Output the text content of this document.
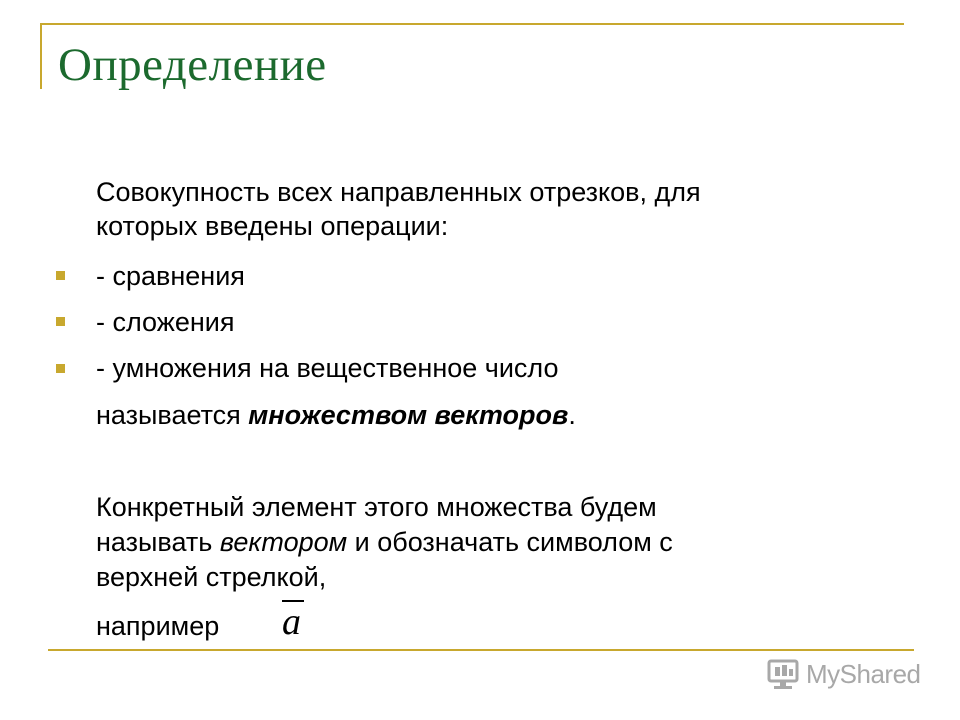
Определение
Совокупность всех направленных отрезков, для
которых введены операции:
- сравнения
- сложения
- умножения на вещественное число
называется множеством векторов.
Конкретный элемент этого множества будем
называть вектором и обозначать символом с
верхней стрелкой,
например a
MyShared
